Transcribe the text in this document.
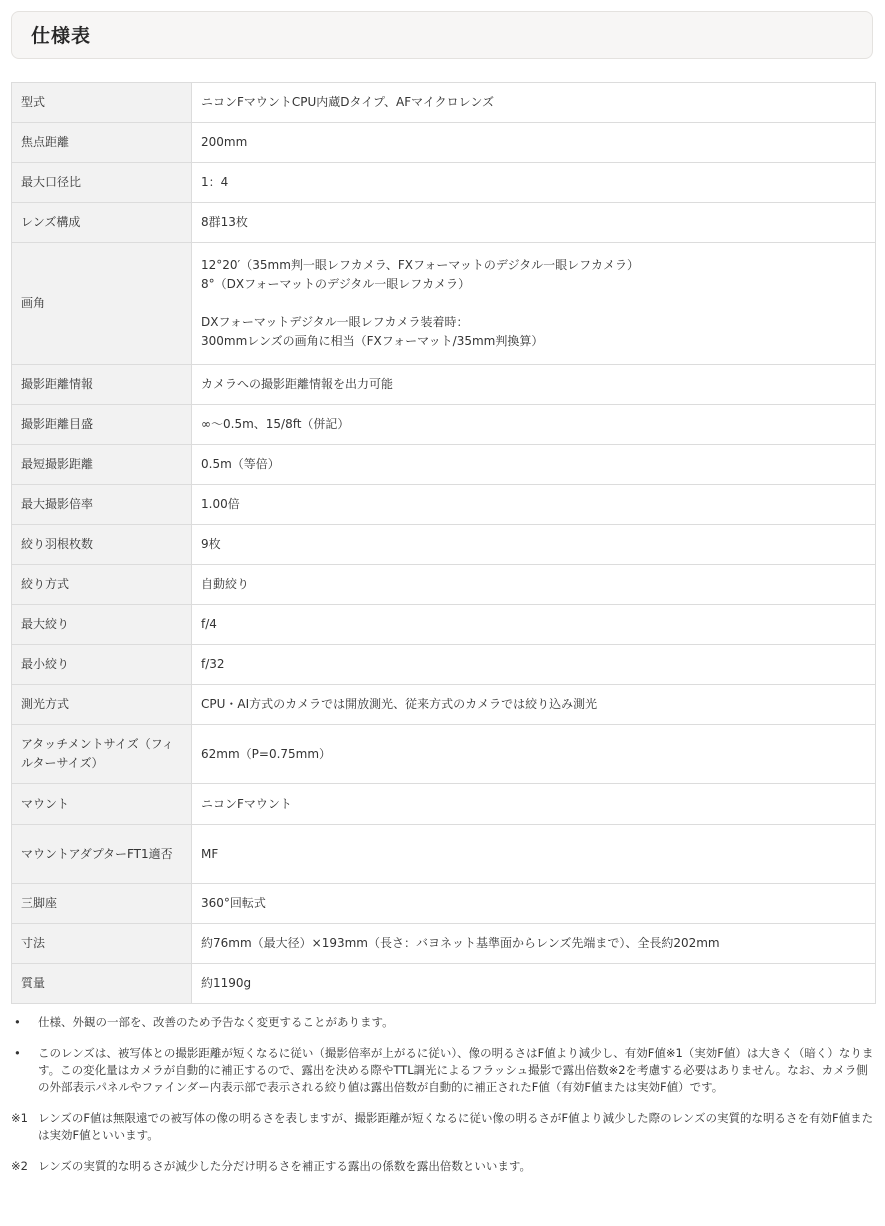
仕様表
型式	ニコンFマウントCPU内蔵Dタイプ、AFマイクロレンズ
焦点距離	200mm
最大口径比	1：4
レンズ構成	8群13枚
画角	12°20′（35mm判一眼レフカメラ、FXフォーマットのデジタル一眼レフカメラ）
8°（DXフォーマットのデジタル一眼レフカメラ）

DXフォーマットデジタル一眼レフカメラ装着時：
300mmレンズの画角に相当（FXフォーマット/35mm判換算）
撮影距離情報	カメラへの撮影距離情報を出力可能
撮影距離目盛	∞～0.5m、15/8ft（併記）
最短撮影距離	0.5m（等倍）
最大撮影倍率	1.00倍
絞り羽根枚数	9枚
絞り方式	自動絞り
最大絞り	f/4
最小絞り	f/32
測光方式	CPU・AI方式のカメラでは開放測光、従来方式のカメラでは絞り込み測光
アタッチメントサイズ（フィルターサイズ）	62mm（P=0.75mm）
マウント	ニコンFマウント
マウントアダプターFT1適否	MF
三脚座	360°回転式
寸法	約76mm（最大径）×193mm（長さ：バヨネット基準面からレンズ先端まで）、全長約202mm
質量	約1190g
• 仕様、外観の一部を、改善のため予告なく変更することがあります。
• このレンズは、被写体との撮影距離が短くなるに従い（撮影倍率が上がるに従い）、像の明るさはF値より減少し、有効F値※1（実効F値）は大きく（暗く）なります。この変化量はカメラが自動的に補正するので、露出を決める際やTTL調光によるフラッシュ撮影で露出倍数※2を考慮する必要はありません。なお、カメラ側の外部表示パネルやファインダー内表示部で表示される絞り値は露出倍数が自動的に補正されたF値（有効F値または実効F値）です。
※1 レンズのF値は無限遠での被写体の像の明るさを表しますが、撮影距離が短くなるに従い像の明るさがF値より減少した際のレンズの実質的な明るさを有効F値または実効F値といいます。
※2 レンズの実質的な明るさが減少した分だけ明るさを補正する露出の係数を露出倍数といいます。
